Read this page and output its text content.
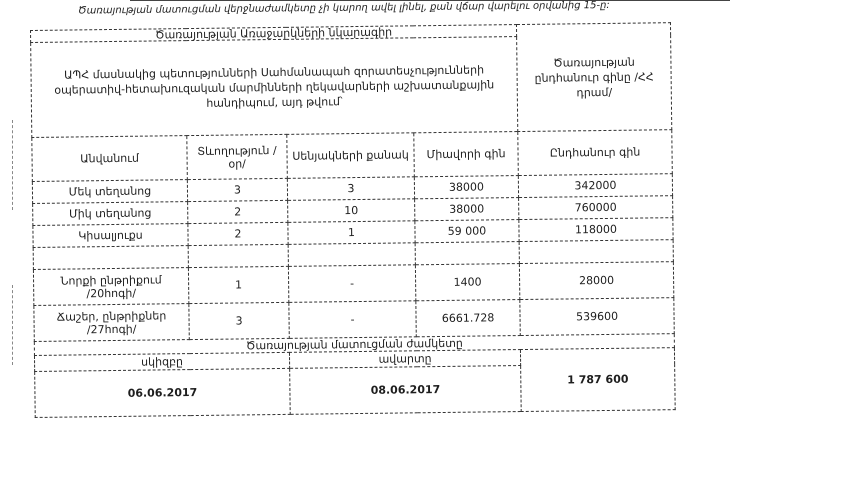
Ծառայության մատուցման վերջնաժամկետը չի կարող ավել լինել, քան վճար վարելու օրվանից 15-ը:
Ծառայության Առաջարկների նկարագիր				Ծառայության ընդհանուր գինը /ՀՀ դրամ/
ԱՊՀ մասնակից պետությունների Սահմանապահ զորատեսչությունների օպերատիվ-հետախուզական մարմինների ղեկավարների աշխատանքային հանդիպում, այդ թվում՝				
Անվանում	Տևողություն /օր/	Սենյակների քանակ	Միավորի գին	Ընդհանուր գին
Մեկ տեղանոց	3	3	38000	342000
Միկ տեղանոց	2	10	38000	760000
Կիսալյուքս	2	1	59 000	118000

Նորքի ընթրիքում /20հոգի/	1	-	1400	28000
Ճաշեր, ընթրիքներ /27հոգի/	3	-	6661.728	539600
Ծառայության մատուցման ժամկետը				
սկիզբը		ավարտը		1 787 600
06.06.2017		08.06.2017		
